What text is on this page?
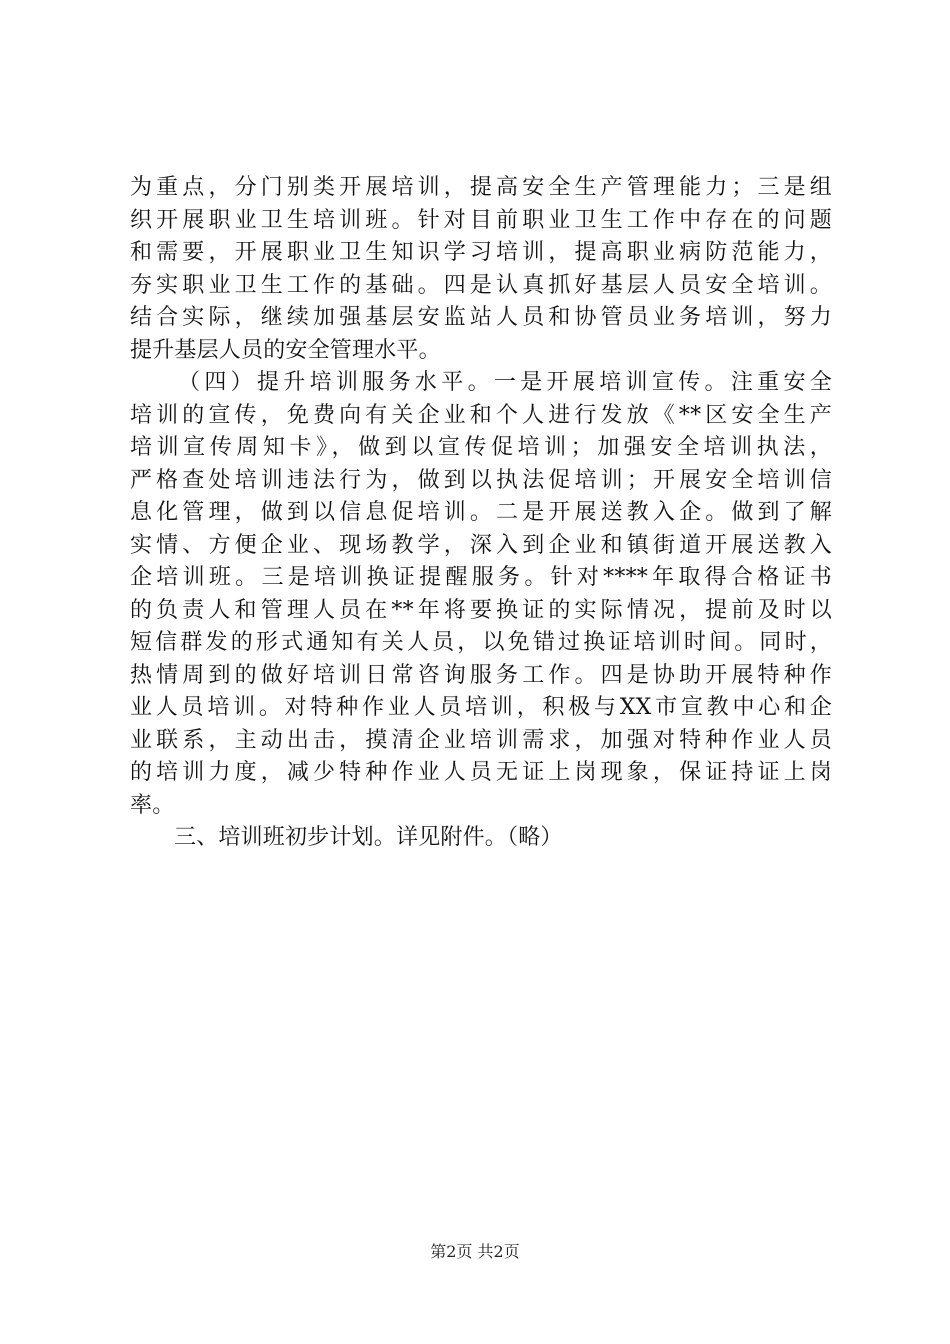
为重点，分门别类开展培训，提高安全生产管理能力；三是组
织开展职业卫生培训班。针对目前职业卫生工作中存在的问题
和需要，开展职业卫生知识学习培训，提高职业病防范能力，
夯实职业卫生工作的基础。四是认真抓好基层人员安全培训。
结合实际，继续加强基层安监站人员和协管员业务培训，努力
提升基层人员的安全管理水平。
（四）提升培训服务水平。一是开展培训宣传。注重安全
培训的宣传，免费向有关企业和个人进行发放《**区安全生产
培训宣传周知卡》，做到以宣传促培训；加强安全培训执法，
严格查处培训违法行为，做到以执法促培训；开展安全培训信
息化管理，做到以信息促培训。二是开展送教入企。做到了解
实情、方便企业、现场教学，深入到企业和镇街道开展送教入
企培训班。三是培训换证提醒服务。针对****年取得合格证书
的负责人和管理人员在**年将要换证的实际情况，提前及时以
短信群发的形式通知有关人员，以免错过换证培训时间。同时，
热情周到的做好培训日常咨询服务工作。四是协助开展特种作
业人员培训。对特种作业人员培训，积极与XX市宣教中心和企
业联系，主动出击，摸清企业培训需求，加强对特种作业人员
的培训力度，减少特种作业人员无证上岗现象，保证持证上岗
率。
三、培训班初步计划。详见附件。（略）
第2页 共2页
